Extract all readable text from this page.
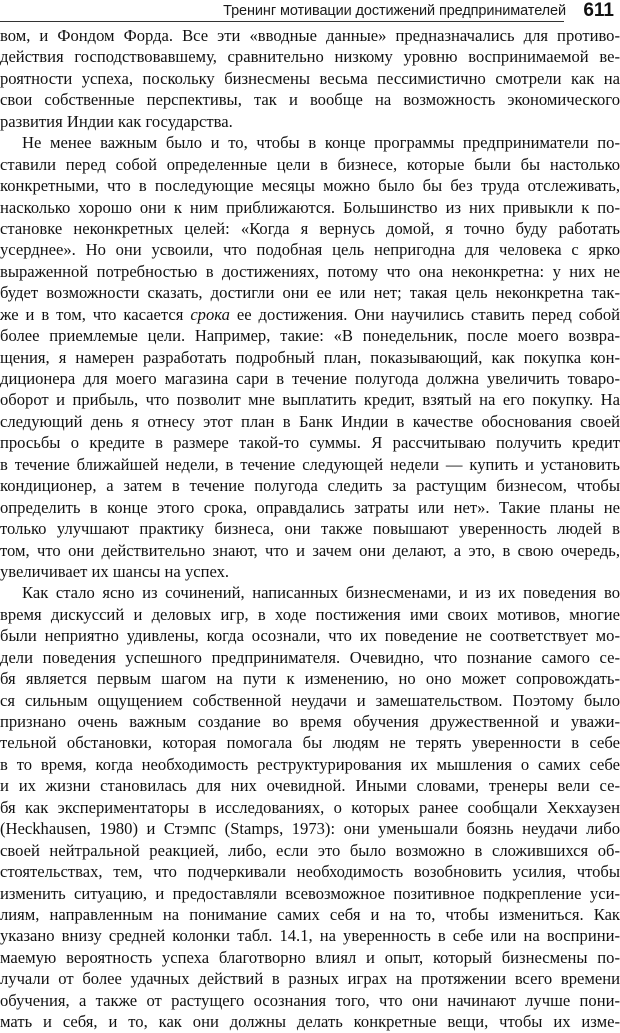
Тренинг мотивации достижений предпринимателей 611
вом, и Фондом Форда. Все эти «вводные данные» предназначались для противо-
действия господствовавшему, сравнительно низкому уровню воспринимаемой ве-
роятности успеха, поскольку бизнесмены весьма пессимистично смотрели как на
свои собственные перспективы, так и вообще на возможность экономического
развития Индии как государства.
Не менее важным было и то, чтобы в конце программы предприниматели по-
ставили перед собой определенные цели в бизнесе, которые были бы настолько
конкретными, что в последующие месяцы можно было бы без труда отслеживать,
насколько хорошо они к ним приближаются. Большинство из них привыкли к по-
становке неконкретных целей: «Когда я вернусь домой, я точно буду работать
усерднее». Но они усвоили, что подобная цель непригодна для человека с ярко
выраженной потребностью в достижениях, потому что она неконкретна: у них не
будет возможности сказать, достигли они ее или нет; такая цель неконкретна так-
же и в том, что касается срока ее достижения. Они научились ставить перед собой
более приемлемые цели. Например, такие: «В понедельник, после моего возвра-
щения, я намерен разработать подробный план, показывающий, как покупка кон-
диционера для моего магазина сари в течение полугода должна увеличить товаро-
оборот и прибыль, что позволит мне выплатить кредит, взятый на его покупку. На
следующий день я отнесу этот план в Банк Индии в качестве обоснования своей
просьбы о кредите в размере такой-то суммы. Я рассчитываю получить кредит
в течение ближайшей недели, в течение следующей недели — купить и установить
кондиционер, а затем в течение полугода следить за растущим бизнесом, чтобы
определить в конце этого срока, оправдались затраты или нет». Такие планы не
только улучшают практику бизнеса, они также повышают уверенность людей в
том, что они действительно знают, что и зачем они делают, а это, в свою очередь,
увеличивает их шансы на успех.
Как стало ясно из сочинений, написанных бизнесменами, и из их поведения во
время дискуссий и деловых игр, в ходе постижения ими своих мотивов, многие
были неприятно удивлены, когда осознали, что их поведение не соответствует мо-
дели поведения успешного предпринимателя. Очевидно, что познание самого се-
бя является первым шагом на пути к изменению, но оно может сопровождать-
ся сильным ощущением собственной неудачи и замешательством. Поэтому было
признано очень важным создание во время обучения дружественной и уважи-
тельной обстановки, которая помогала бы людям не терять уверенности в себе
в то время, когда необходимость реструктурирования их мышления о самих себе
и их жизни становилась для них очевидной. Иными словами, тренеры вели се-
бя как экспериментаторы в исследованиях, о которых ранее сообщали Хекхаузен
(Heckhausen, 1980) и Стэмпс (Stamps, 1973): они уменьшали боязнь неудачи либо
своей нейтральной реакцией, либо, если это было возможно в сложившихся об-
стоятельствах, тем, что подчеркивали необходимость возобновить усилия, чтобы
изменить ситуацию, и предоставляли всевозможное позитивное подкрепление уси-
лиям, направленным на понимание самих себя и на то, чтобы измениться. Как
указано внизу средней колонки табл. 14.1, на уверенность в себе или на восприни-
маемую вероятность успеха благотворно влиял и опыт, который бизнесмены по-
лучали от более удачных действий в разных играх на протяжении всего времени
обучения, а также от растущего осознания того, что они начинают лучше пони-
мать и себя, и то, как они должны делать конкретные вещи, чтобы их изме-
